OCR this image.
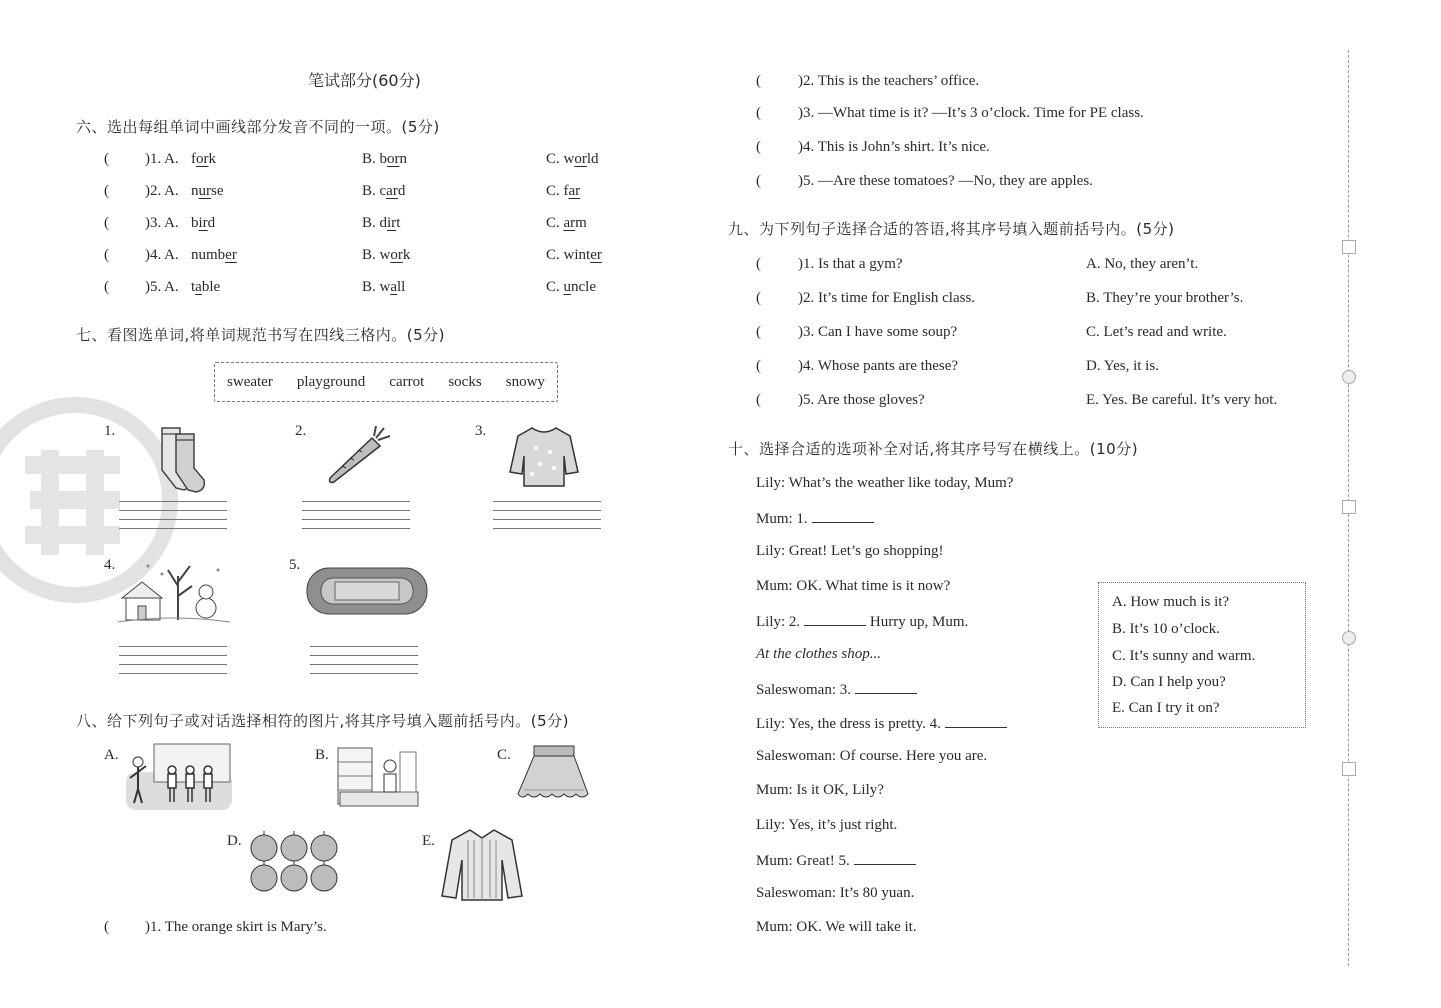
笔试部分(60分)
六、选出每组单词中画线部分发音不同的一项。(5分)
( )1. A. fork	B. born	C. world
( )2. A. nurse	B. card	C. far
( )3. A. bird	B. dirt	C. arm
( )4. A. number	B. work	C. winter
( )5. A. table	B. wall	C. uncle
七、看图选单词,将单词规范书写在四线三格内。(5分)
sweater playground carrot socks snowy
1.	2.	3.
4.	5.
八、给下列句子或对话选择相符的图片,将其序号填入题前括号内。(5分)
A.	B.	C.
D.	E.
( )1. The orange skirt is Mary’s.
( )2. This is the teachers’ office.
( )3. —What time is it? —It’s 3 o’clock. Time for PE class.
( )4. This is John’s shirt. It’s nice.
( )5. —Are these tomatoes? —No, they are apples.
九、为下列句子选择合适的答语,将其序号填入题前括号内。(5分)
( )1. Is that a gym?	A. No, they aren’t.
( )2. It’s time for English class.	B. They’re your brother’s.
( )3. Can I have some soup?	C. Let’s read and write.
( )4. Whose pants are these?	D. Yes, it is.
( )5. Are those gloves?	E. Yes. Be careful. It’s very hot.
十、选择合适的选项补全对话,将其序号写在横线上。(10分)
Lily: What’s the weather like today, Mum?
Mum: 1.
Lily: Great! Let’s go shopping!
Mum: OK. What time is it now?
Lily: 2.	Hurry up, Mum.
At the clothes shop...
Saleswoman: 3.
Lily: Yes, the dress is pretty. 4.
Saleswoman: Of course. Here you are.
Mum: Is it OK, Lily?
Lily: Yes, it’s just right.
Mum: Great! 5.
Saleswoman: It’s 80 yuan.
Mum: OK. We will take it.
A. How much is it?
B. It’s 10 o’clock.
C. It’s sunny and warm.
D. Can I help you?
E. Can I try it on?
